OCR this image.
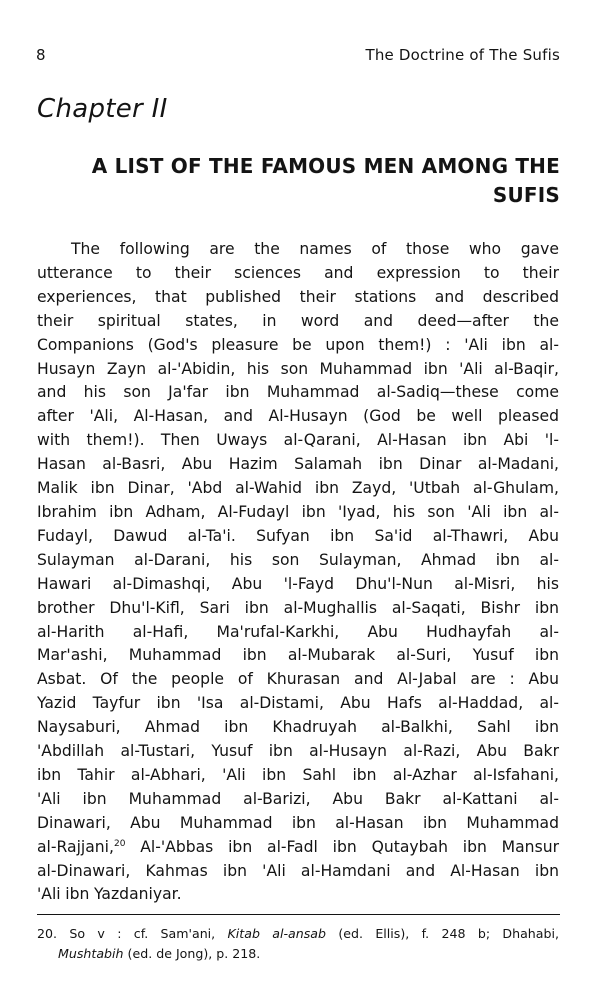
8	The Doctrine of The Sufis
Chapter II
A LIST OF THE FAMOUS MEN AMONG THE
SUFIS

The following are the names of those who gave
utterance to their sciences and expression to their
experiences, that published their stations and described
their spiritual states, in word and deed—after the
Companions (God's pleasure be upon them!) : 'Ali ibn al-
Husayn Zayn al-'Abidin, his son Muhammad ibn 'Ali al-Baqir,
and his son Ja'far ibn Muhammad al-Sadiq—these come
after 'Ali, Al-Hasan, and Al-Husayn (God be well pleased
with them!). Then Uways al-Qarani, Al-Hasan ibn Abi 'l-
Hasan al-Basri, Abu Hazim Salamah ibn Dinar al-Madani,
Malik ibn Dinar, 'Abd al-Wahid ibn Zayd, 'Utbah al-Ghulam,
Ibrahim ibn Adham, Al-Fudayl ibn 'Iyad, his son 'Ali ibn al-
Fudayl, Dawud al-Ta'i. Sufyan ibn Sa'id al-Thawri, Abu
Sulayman al-Darani, his son Sulayman, Ahmad ibn al-
Hawari al-Dimashqi, Abu 'l-Fayd Dhu'l-Nun al-Misri, his
brother Dhu'l-Kifl, Sari ibn al-Mughallis al-Saqati, Bishr ibn
al-Harith al-Hafi, Ma'rufal-Karkhi, Abu Hudhayfah al-
Mar'ashi, Muhammad ibn al-Mubarak al-Suri, Yusuf ibn
Asbat. Of the people of Khurasan and Al-Jabal are : Abu
Yazid Tayfur ibn 'Isa al-Distami, Abu Hafs al-Haddad, al-
Naysaburi, Ahmad ibn Khadruyah al-Balkhi, Sahl ibn
'Abdillah al-Tustari, Yusuf ibn al-Husayn al-Razi, Abu Bakr
ibn Tahir al-Abhari, 'Ali ibn Sahl ibn al-Azhar al-Isfahani,
'Ali ibn Muhammad al-Barizi, Abu Bakr al-Kattani al-
Dinawari, Abu Muhammad ibn al-Hasan ibn Muhammad
al-Rajjani,$^{20}$ Al-'Abbas ibn al-Fadl ibn Qutaybah ibn Mansur
al-Dinawari, Kahmas ibn 'Ali al-Hamdani and Al-Hasan ibn
'Ali ibn Yazdaniyar.

20. So v : cf. Sam'ani, Kitab al-ansab (ed. Ellis), f. 248 b; Dhahabi,
Mushtabih (ed. de Jong), p. 218.
